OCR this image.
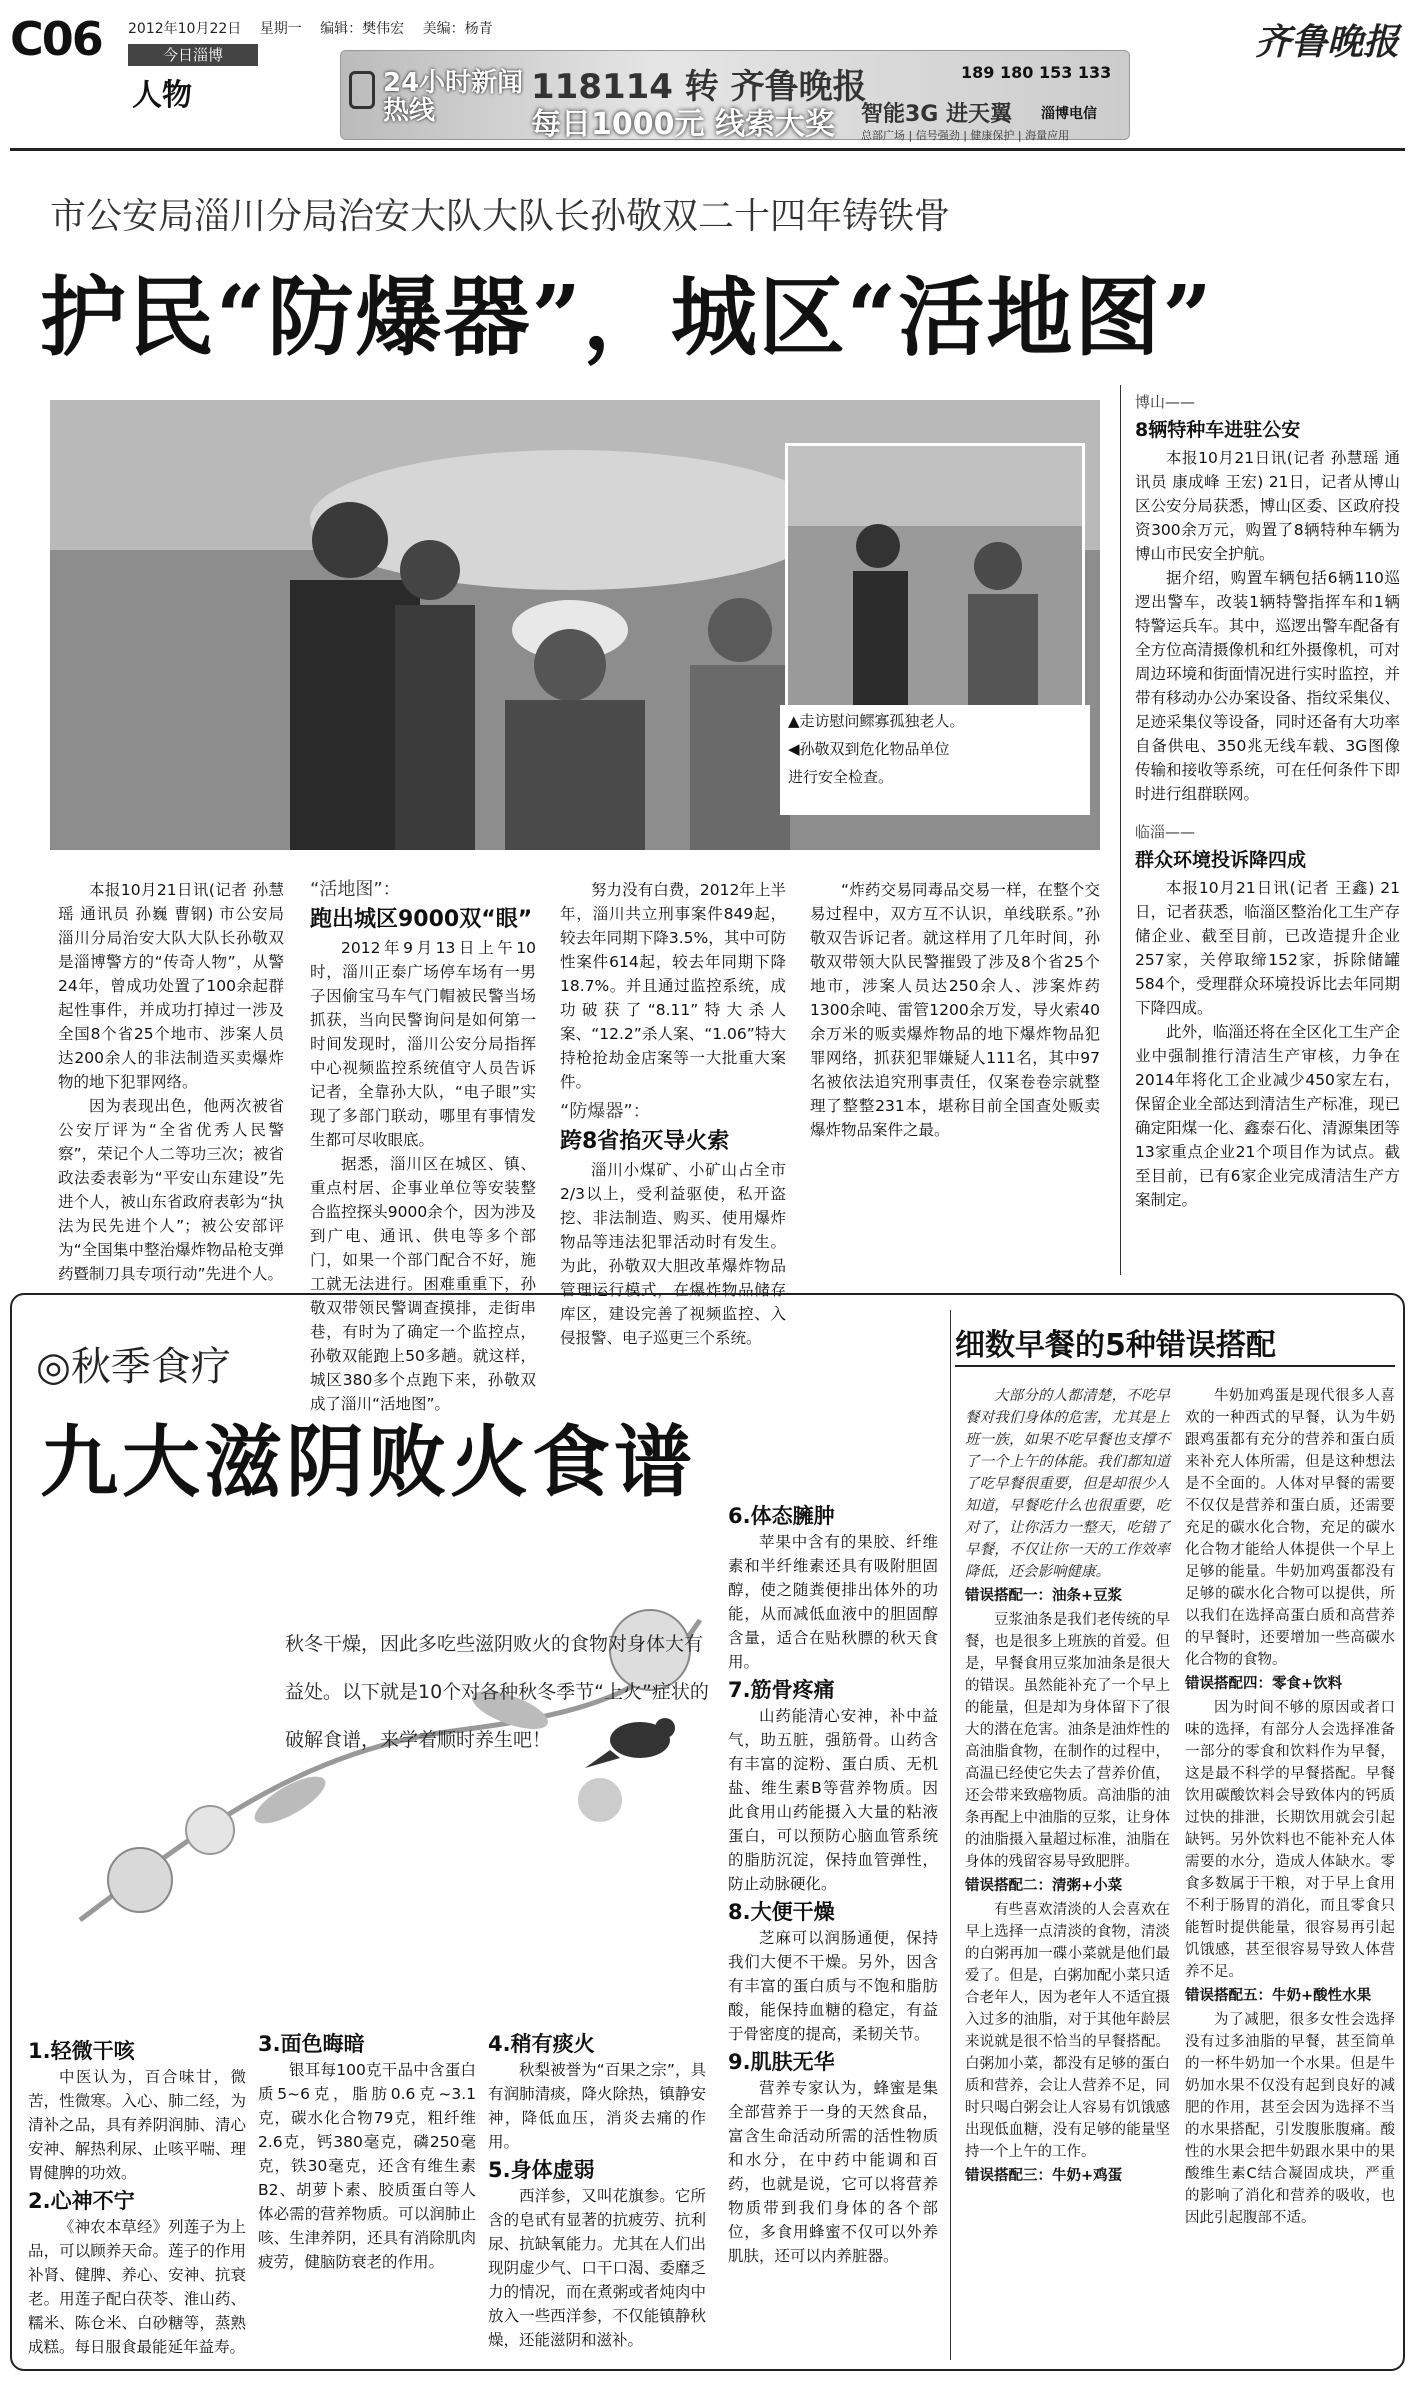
C06 2012年10月22日 星期一 编辑：樊伟宏 美编：杨青
今日淄博
人物
齐鲁晚报
24小时新闻热线
118114 转 齐鲁晚报
每日1000元 线索大奖
189 180 153 133
智能3G 进天翼
总部广场 | 信号强劲 | 健康保护 | 海量应用
淄博电信
市公安局淄川分局治安大队大队长孙敬双二十四年铸铁骨
护民“防爆器”，城区“活地图”
▲走访慰问鳏寡孤独老人。
◀孙敬双到危化物品单位
进行安全检查。

本报10月21日讯(记者 孙慧瑶 通讯员 孙巍 曹钢) 市公安局淄川分局治安大队大队长孙敬双是淄博警方的“传奇人物”，从警24年，曾成功处置了100余起群起性事件，并成功打掉过一涉及全国8个省25个地市、涉案人员达200余人的非法制造买卖爆炸物的地下犯罪网络。

因为表现出色，他两次被省公安厅评为“全省优秀人民警察”，荣记个人二等功三次；被省政法委表彰为“平安山东建设”先进个人，被山东省政府表彰为“执法为民先进个人”；被公安部评为“全国集中整治爆炸物品枪支弹药暨制刀具专项行动”先进个人。

“活地图”：
跑出城区9000双“眼”

2012年9月13日上午10时，淄川正泰广场停车场有一男子因偷宝马车气门帽被民警当场抓获，当向民警询问是如何第一时间发现时，淄川公安分局指挥中心视频监控系统值守人员告诉记者，全靠孙大队，“电子眼”实现了多部门联动，哪里有事情发生都可尽收眼底。

据悉，淄川区在城区、镇、重点村居、企事业单位等安装整合监控探头9000余个，因为涉及到广电、通讯、供电等多个部门，如果一个部门配合不好，施工就无法进行。困难重重下，孙敬双带领民警调查摸排，走街串巷，有时为了确定一个监控点，孙敬双能跑上50多趟。就这样，城区380多个点跑下来，孙敬双成了淄川“活地图”。

努力没有白费，2012年上半年，淄川共立刑事案件849起，较去年同期下降3.5%，其中可防性案件614起，较去年同期下降18.7%。并且通过监控系统，成功破获了“8.11”特大杀人案、“12.2”杀人案、“1.06”特大持枪抢劫金店案等一大批重大案件。

“防爆器”：
跨8省掐灭导火索

淄川小煤矿、小矿山占全市2/3以上，受利益驱使，私开盗挖、非法制造、购买、使用爆炸物品等违法犯罪活动时有发生。为此，孙敬双大胆改革爆炸物品管理运行模式，在爆炸物品储存库区，建设完善了视频监控、入侵报警、电子巡更三个系统。

“炸药交易同毒品交易一样，在整个交易过程中，双方互不认识，单线联系。”孙敬双告诉记者。就这样用了几年时间，孙敬双带领大队民警摧毁了涉及8个省25个地市，涉案人员达250余人、涉案炸药1300余吨、雷管1200余万发，导火索40余万米的贩卖爆炸物品的地下爆炸物品犯罪网络，抓获犯罪嫌疑人111名，其中97名被依法追究刑事责任，仅案卷卷宗就整理了整整231本，堪称目前全国查处贩卖爆炸物品案件之最。

博山——
8辆特种车进驻公安

本报10月21日讯(记者 孙慧瑶 通讯员 康成峰 王宏) 21日，记者从博山区公安分局获悉，博山区委、区政府投资300余万元，购置了8辆特种车辆为博山市民安全护航。

据介绍，购置车辆包括6辆110巡逻出警车，改装1辆特警指挥车和1辆特警运兵车。其中，巡逻出警车配备有全方位高清摄像机和红外摄像机，可对周边环境和街面情况进行实时监控，并带有移动办公办案设备、指纹采集仪、足迹采集仪等设备，同时还备有大功率自备供电、350兆无线车载、3G图像传输和接收等系统，可在任何条件下即时进行组群联网。

临淄——
群众环境投诉降四成

本报10月21日讯(记者 王鑫) 21日，记者获悉，临淄区整治化工生产存储企业、截至目前，已改造提升企业257家，关停取缔152家，拆除储罐584个，受理群众环境投诉比去年同期下降四成。

此外，临淄还将在全区化工生产企业中强制推行清洁生产审核，力争在2014年将化工企业减少450家左右，保留企业全部达到清洁生产标准，现已确定阳煤一化、鑫泰石化、清源集团等13家重点企业21个项目作为试点。截至目前，已有6家企业完成清洁生产方案制定。

◎秋季食疗
九大滋阴败火食谱
秋冬干燥，因此多吃些滋阴败火的食物对身体大有益处。以下就是10个对各种秋冬季节“上火”症状的破解食谱，来学着顺时养生吧！
1.轻微干咳

中医认为，百合味甘，微苦，性微寒。入心、肺二经，为清补之品，具有养阴润肺、清心安神、解热利尿、止咳平喘、理胃健脾的功效。

2.心神不宁

《神农本草经》列莲子为上品，可以顾养天命。莲子的作用补肾、健脾、养心、安神、抗衰老。用莲子配白茯苓、淮山药、糯米、陈仓米、白砂糖等，蒸熟成糕。每日服食最能延年益寿。

3.面色晦暗

银耳每100克干品中含蛋白质5~6克，脂肪0.6克~3.1克，碳水化合物79克，粗纤维2.6克，钙380毫克，磷250毫克，铁30毫克，还含有维生素B2、胡萝卜素、胶质蛋白等人体必需的营养物质。可以润肺止咳、生津养阴，还具有消除肌肉疲劳，健脑防衰老的作用。

4.稍有痰火

秋梨被誉为“百果之宗”，具有润肺清痰，降火除热，镇静安神，降低血压，消炎去痛的作用。

5.身体虚弱

西洋参，又叫花旗参。它所含的皂甙有显著的抗疲劳、抗利尿、抗缺氧能力。尤其在人们出现阴虚少气、口干口渴、委靡乏力的情况，而在煮粥或者炖肉中放入一些西洋参，不仅能镇静秋燥，还能滋阴和滋补。

6.体态臃肿

苹果中含有的果胶、纤维素和半纤维素还具有吸附胆固醇，使之随粪便排出体外的功能，从而减低血液中的胆固醇含量，适合在贴秋膘的秋天食用。

7.筋骨疼痛

山药能清心安神，补中益气，助五脏，强筋骨。山药含有丰富的淀粉、蛋白质、无机盐、维生素B等营养物质。因此食用山药能摄入大量的粘液蛋白，可以预防心脑血管系统的脂肪沉淀，保持血管弹性，防止动脉硬化。

8.大便干燥

芝麻可以润肠通便，保持我们大便不干燥。另外，因含有丰富的蛋白质与不饱和脂肪酸，能保持血糖的稳定，有益于骨密度的提高，柔韧关节。

9.肌肤无华

营养专家认为，蜂蜜是集全部营养于一身的天然食品，富含生命活动所需的活性物质和水分，在中药中能调和百药，也就是说，它可以将营养物质带到我们身体的各个部位，多食用蜂蜜不仅可以外养肌肤，还可以内养脏器。

细数早餐的5种错误搭配

大部分的人都清楚，不吃早餐对我们身体的危害，尤其是上班一族，如果不吃早餐也支撑不了一个上午的体能。我们都知道了吃早餐很重要，但是却很少人知道，早餐吃什么也很重要，吃对了，让你活力一整天，吃错了早餐，不仅让你一天的工作效率降低，还会影响健康。

错误搭配一：油条+豆浆

豆浆油条是我们老传统的早餐，也是很多上班族的首爱。但是，早餐食用豆浆加油条是很大的错误。虽然能补充了一个早上的能量，但是却为身体留下了很大的潜在危害。油条是油炸性的高油脂食物，在制作的过程中，高温已经使它失去了营养价值，还会带来致癌物质。高油脂的油条再配上中油脂的豆浆，让身体的油脂摄入量超过标准，油脂在身体的残留容易导致肥胖。

错误搭配二：清粥+小菜

有些喜欢清淡的人会喜欢在早上选择一点清淡的食物，清淡的白粥再加一碟小菜就是他们最爱了。但是，白粥加配小菜只适合老年人，因为老年人不适宜摄入过多的油脂，对于其他年龄层来说就是很不恰当的早餐搭配。白粥加小菜，都没有足够的蛋白质和营养，会让人营养不足，同时只喝白粥会让人容易有饥饿感出现低血糖，没有足够的能量坚持一个上午的工作。

错误搭配三：牛奶+鸡蛋

牛奶加鸡蛋是现代很多人喜欢的一种西式的早餐，认为牛奶跟鸡蛋都有充分的营养和蛋白质来补充人体所需，但是这种想法是不全面的。人体对早餐的需要不仅仅是营养和蛋白质，还需要充足的碳水化合物，充足的碳水化合物才能给人体提供一个早上足够的能量。牛奶加鸡蛋都没有足够的碳水化合物可以提供，所以我们在选择高蛋白质和高营养的早餐时，还要增加一些高碳水化合物的食物。

错误搭配四：零食+饮料

因为时间不够的原因或者口味的选择，有部分人会选择准备一部分的零食和饮料作为早餐，这是最不科学的早餐搭配。早餐饮用碳酸饮料会导致体内的钙质过快的排泄，长期饮用就会引起缺钙。另外饮料也不能补充人体需要的水分，造成人体缺水。零食多数属于干粮，对于早上食用不利于肠胃的消化，而且零食只能暂时提供能量，很容易再引起饥饿感，甚至很容易导致人体营养不足。

错误搭配五：牛奶+酸性水果

为了减肥，很多女性会选择没有过多油脂的早餐，甚至简单的一杯牛奶加一个水果。但是牛奶加水果不仅没有起到良好的减肥的作用，甚至会因为选择不当的水果搭配，引发腹胀腹痛。酸性的水果会把牛奶跟水果中的果酸维生素C结合凝固成块，严重的影响了消化和营养的吸收，也因此引起腹部不适。
